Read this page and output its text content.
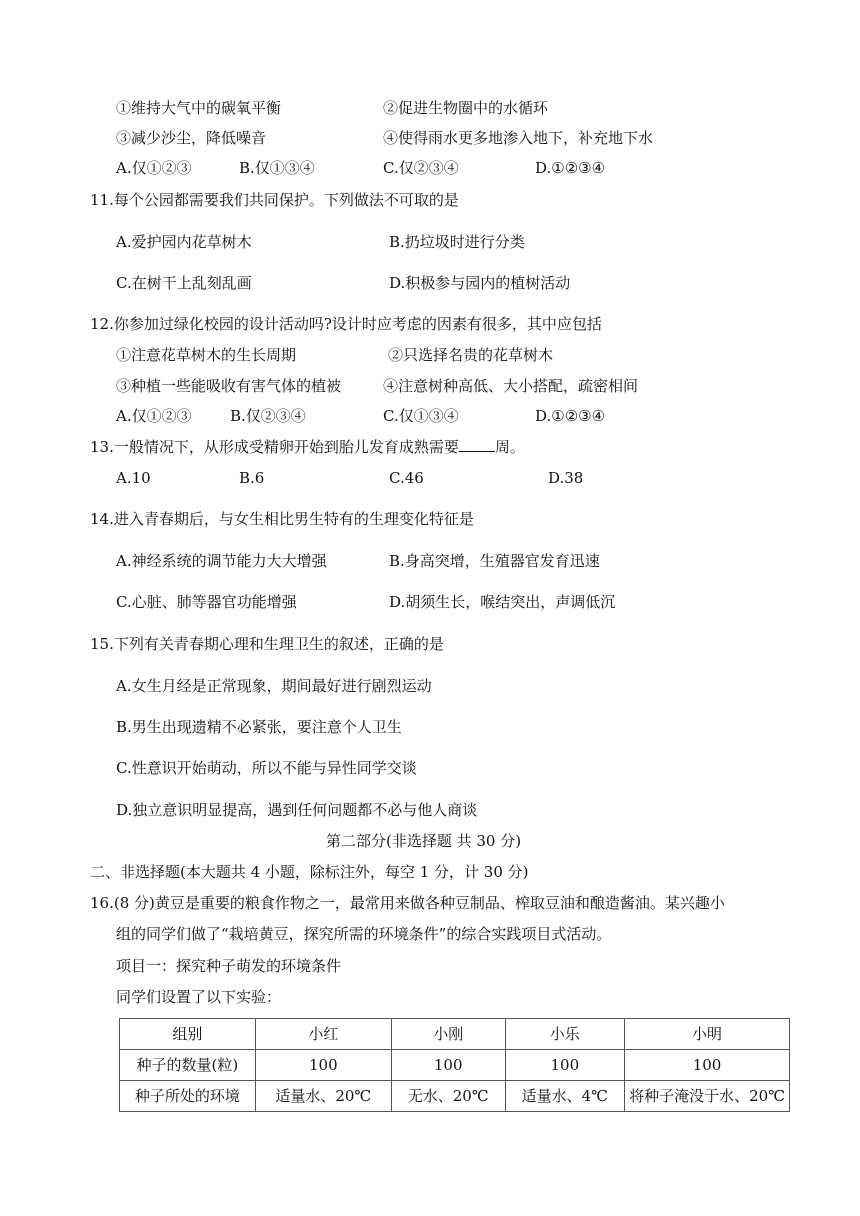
①维持大气中的碳氧平衡	②促进生物圈中的水循环
③减少沙尘，降低噪音	④使得雨水更多地渗入地下，补充地下水
A.仅①②③	B.仅①③④	C.仅②③④	D.①②③④
11.每个公园都需要我们共同保护。下列做法不可取的是
A.爱护园内花草树木	B.扔垃圾时进行分类
C.在树干上乱刻乱画	D.积极参与园内的植树活动
12.你参加过绿化校园的设计活动吗?设计时应考虑的因素有很多，其中应包括
①注意花草树木的生长周期	②只选择名贵的花草树木
③种植一些能吸收有害气体的植被	④注意树种高低、大小搭配，疏密相间
A.仅①②③	B.仅②③④	C.仅①③④	D.①②③④
13.一般情况下，从形成受精卵开始到胎儿发育成熟需要 周。
A.10	B.6	C.46	D.38
14.进入青春期后，与女生相比男生特有的生理变化特征是
A.神经系统的调节能力大大增强	B.身高突增，生殖器官发育迅速
C.心脏、肺等器官功能增强	D.胡须生长，喉结突出，声调低沉
15.下列有关青春期心理和生理卫生的叙述，正确的是
A.女生月经是正常现象，期间最好进行剧烈运动
B.男生出现遗精不必紧张，要注意个人卫生
C.性意识开始萌动，所以不能与异性同学交谈
D.独立意识明显提高，遇到任何问题都不必与他人商谈
第二部分(非选择题 共 30 分)
二、非选择题(本大题共 4 小题，除标注外，每空 1 分，计 30 分)
16.(8 分)黄豆是重要的粮食作物之一，最常用来做各种豆制品、榨取豆油和酿造酱油。某兴趣小
组的同学们做了“栽培黄豆，探究所需的环境条件”的综合实践项目式活动。
项目一：探究种子萌发的环境条件
同学们设置了以下实验：
组别	小红	小刚	小乐	小明
种子的数量(粒)	100	100	100	100
种子所处的环境	适量水、20℃	无水、20℃	适量水、4℃	将种子淹没于水、20℃
